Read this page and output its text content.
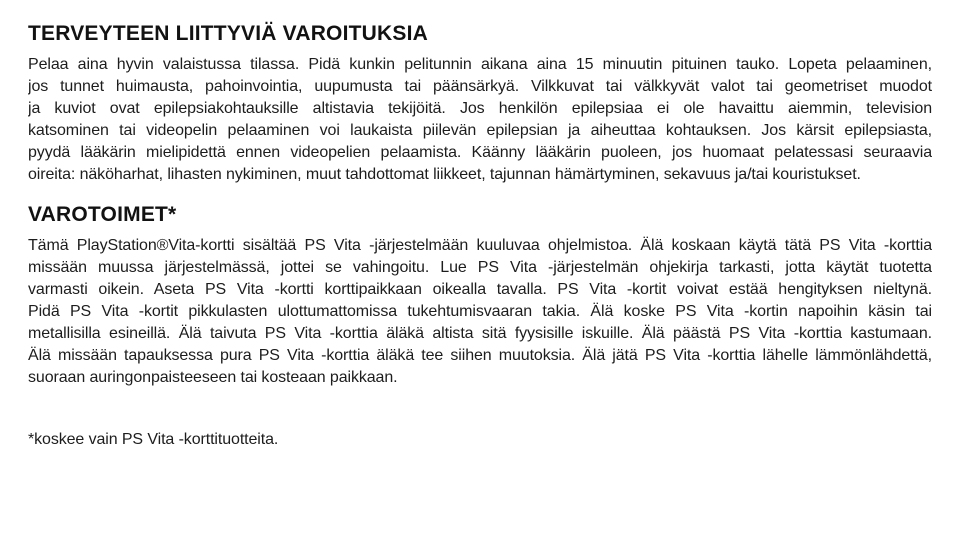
TERVEYTEEN LIITTYVIÄ VAROITUKSIA
Pelaa aina hyvin valaistussa tilassa. Pidä kunkin pelitunnin aikana aina 15 minuutin pituinen tauko. Lopeta pelaaminen,
jos tunnet huimausta, pahoinvointia, uupumusta tai päänsärkyä. Vilkkuvat tai välkkyvät valot tai geometriset muodot
ja kuviot ovat epilepsiakohtauksille altistavia tekijöitä. Jos henkilön epilepsiaa ei ole havaittu aiemmin, television
katsominen tai videopelin pelaaminen voi laukaista piilevän epilepsian ja aiheuttaa kohtauksen. Jos kärsit epilepsiasta,
pyydä lääkärin mielipidettä ennen videopelien pelaamista. Käänny lääkärin puoleen, jos huomaat pelatessasi seuraavia
oireita: näköharhat, lihasten nykiminen, muut tahdottomat liikkeet, tajunnan hämärtyminen, sekavuus ja/tai kouristukset.
VAROTOIMET*
Tämä PlayStation®Vita-kortti sisältää PS Vita -järjestelmään kuuluvaa ohjelmistoa. Älä koskaan käytä tätä PS Vita -korttia
missään muussa järjestelmässä, jottei se vahingoitu. Lue PS Vita -järjestelmän ohjekirja tarkasti, jotta käytät tuotetta
varmasti oikein. Aseta PS Vita -kortti korttipaikkaan oikealla tavalla. PS Vita -kortit voivat estää hengityksen nieltynä.
Pidä PS Vita -kortit pikkulasten ulottumattomissa tukehtumisvaaran takia. Älä koske PS Vita -kortin napoihin käsin tai
metallisilla esineillä. Älä taivuta PS Vita -korttia äläkä altista sitä fyysisille iskuille. Älä päästä PS Vita -korttia kastumaan.
Älä missään tapauksessa pura PS Vita -korttia äläkä tee siihen muutoksia. Älä jätä PS Vita -korttia lähelle lämmönlähdettä,
suoraan auringonpaisteeseen tai kosteaan paikkaan.

*koskee vain PS Vita -korttituotteita.
